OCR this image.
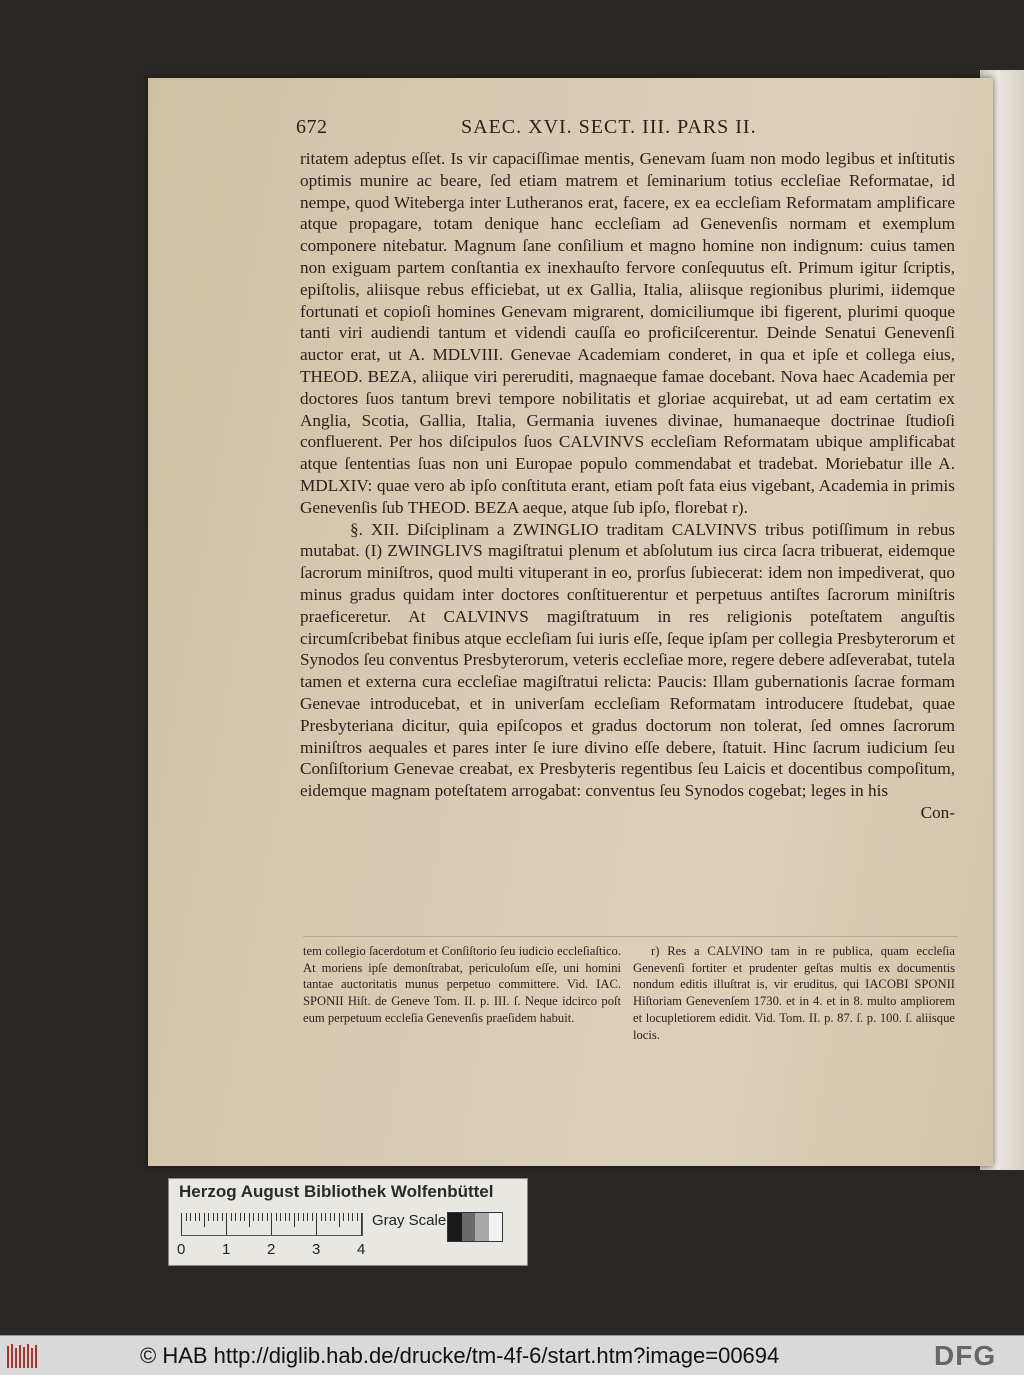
672	SAEC. XVI. SECT. III. PARS II.

ritatem adeptus eſſet. Is vir capaciſſimae mentis, Genevam ſuam non modo legibus et inſtitutis optimis munire ac beare, ſed etiam matrem et ſeminarium totius eccleſiae Reformatae, id nempe, quod Witeberga inter Lutheranos erat, facere, ex ea eccleſiam Reformatam amplificare atque propagare, totam denique hanc eccleſiam ad Genevenſis normam et exemplum componere nitebatur. Magnum ſane conſilium et magno homine non indignum: cuius tamen non exiguam partem conſtantia ex inexhauſto fervore conſequutus eſt. Primum igitur ſcriptis, epiſtolis, aliisque rebus efficiebat, ut ex Gallia, Italia, aliisque regionibus plurimi, iidemque fortunati et copioſi homines Genevam migrarent, domiciliumque ibi figerent, plurimi quoque tanti viri audiendi tantum et videndi cauſſa eo proficiſcerentur. Deinde Senatui Genevenſi auctor erat, ut A. MDLVIII. Genevae Academiam conderet, in qua et ipſe et collega eius, THEOD. BEZA, aliique viri pereruditi, magnaeque famae docebant. Nova haec Academia per doctores ſuos tantum brevi tempore nobilitatis et gloriae acquirebat, ut ad eam certatim ex Anglia, Scotia, Gallia, Italia, Germania iuvenes divinae, humanaeque doctrinae ſtudioſi confluerent. Per hos diſcipulos ſuos CALVINVS eccleſiam Reformatam ubique amplificabat atque ſententias ſuas non uni Europae populo commendabat et tradebat. Moriebatur ille A. MDLXIV: quae vero ab ipſo conſtituta erant, etiam poſt fata eius vigebant, Academia in primis Genevenſis ſub THEOD. BEZA aeque, atque ſub ipſo, florebat r).

§. XII. Diſciplinam a ZWINGLIO traditam CALVINVS tribus potiſſimum in rebus mutabat. (I) ZWINGLIVS magiſtratui plenum et abſolutum ius circa ſacra tribuerat, eidemque ſacrorum miniſtros, quod multi vituperant in eo, prorſus ſubiecerat: idem non impediverat, quo minus gradus quidam inter doctores conſtituerentur et perpetuus antiſtes ſacrorum miniſtris praeficeretur. At CALVINVS magiſtratuum in res religionis poteſtatem anguſtis circumſcribebat finibus atque eccleſiam ſui iuris eſſe, ſeque ipſam per collegia Presbyterorum et Synodos ſeu conventus Presbyterorum, veteris eccleſiae more, regere debere adſeverabat, tutela tamen et externa cura eccleſiae magiſtratui relicta: Paucis: Illam gubernationis ſacrae formam Genevae introducebat, et in univerſam eccleſiam Reformatam introducere ſtudebat, quae Presbyteriana dicitur, quia epiſcopos et gradus doctorum non tolerat, ſed omnes ſacrorum miniſtros aequales et pares inter ſe iure divino eſſe debere, ſtatuit. Hinc ſacrum iudicium ſeu Conſiſtorium Genevae creabat, ex Presbyteris regentibus ſeu Laicis et docentibus compoſitum, eidemque magnam poteſtatem arrogabat: conventus ſeu Synodos cogebat; leges in his

Con-

tem collegio ſacerdotum et Conſiſtorio ſeu iudicio eccleſiaſtico. At moriens ipſe demonſtrabat, periculoſum eſſe, uni homini tantae auctoritatis munus perpetuo committere. Vid. IAC. SPONII Hiſt. de Geneve Tom. II. p. III. ſ. Neque idcirco poſt eum perpetuum eccleſia Genevenſis praeſidem habuit.

r) Res a CALVINO tam in re publica, quam eccleſia Genevenſi fortiter et prudenter geſtas multis ex documentis nondum editis illuſtrat is, vir eruditus, qui IACOBI SPONII Hiſtoriam Genevenſem 1730. et in 4. et in 8. multo ampliorem et locupletiorem edidit. Vid. Tom. II. p. 87. ſ. p. 100. ſ. aliisque locis.

Herzog August Bibliothek Wolfenbüttel
0 1 2 3 4
Gray Scale
© HAB http://diglib.hab.de/drucke/tm-4f-6/start.htm?image=00694	DFG
